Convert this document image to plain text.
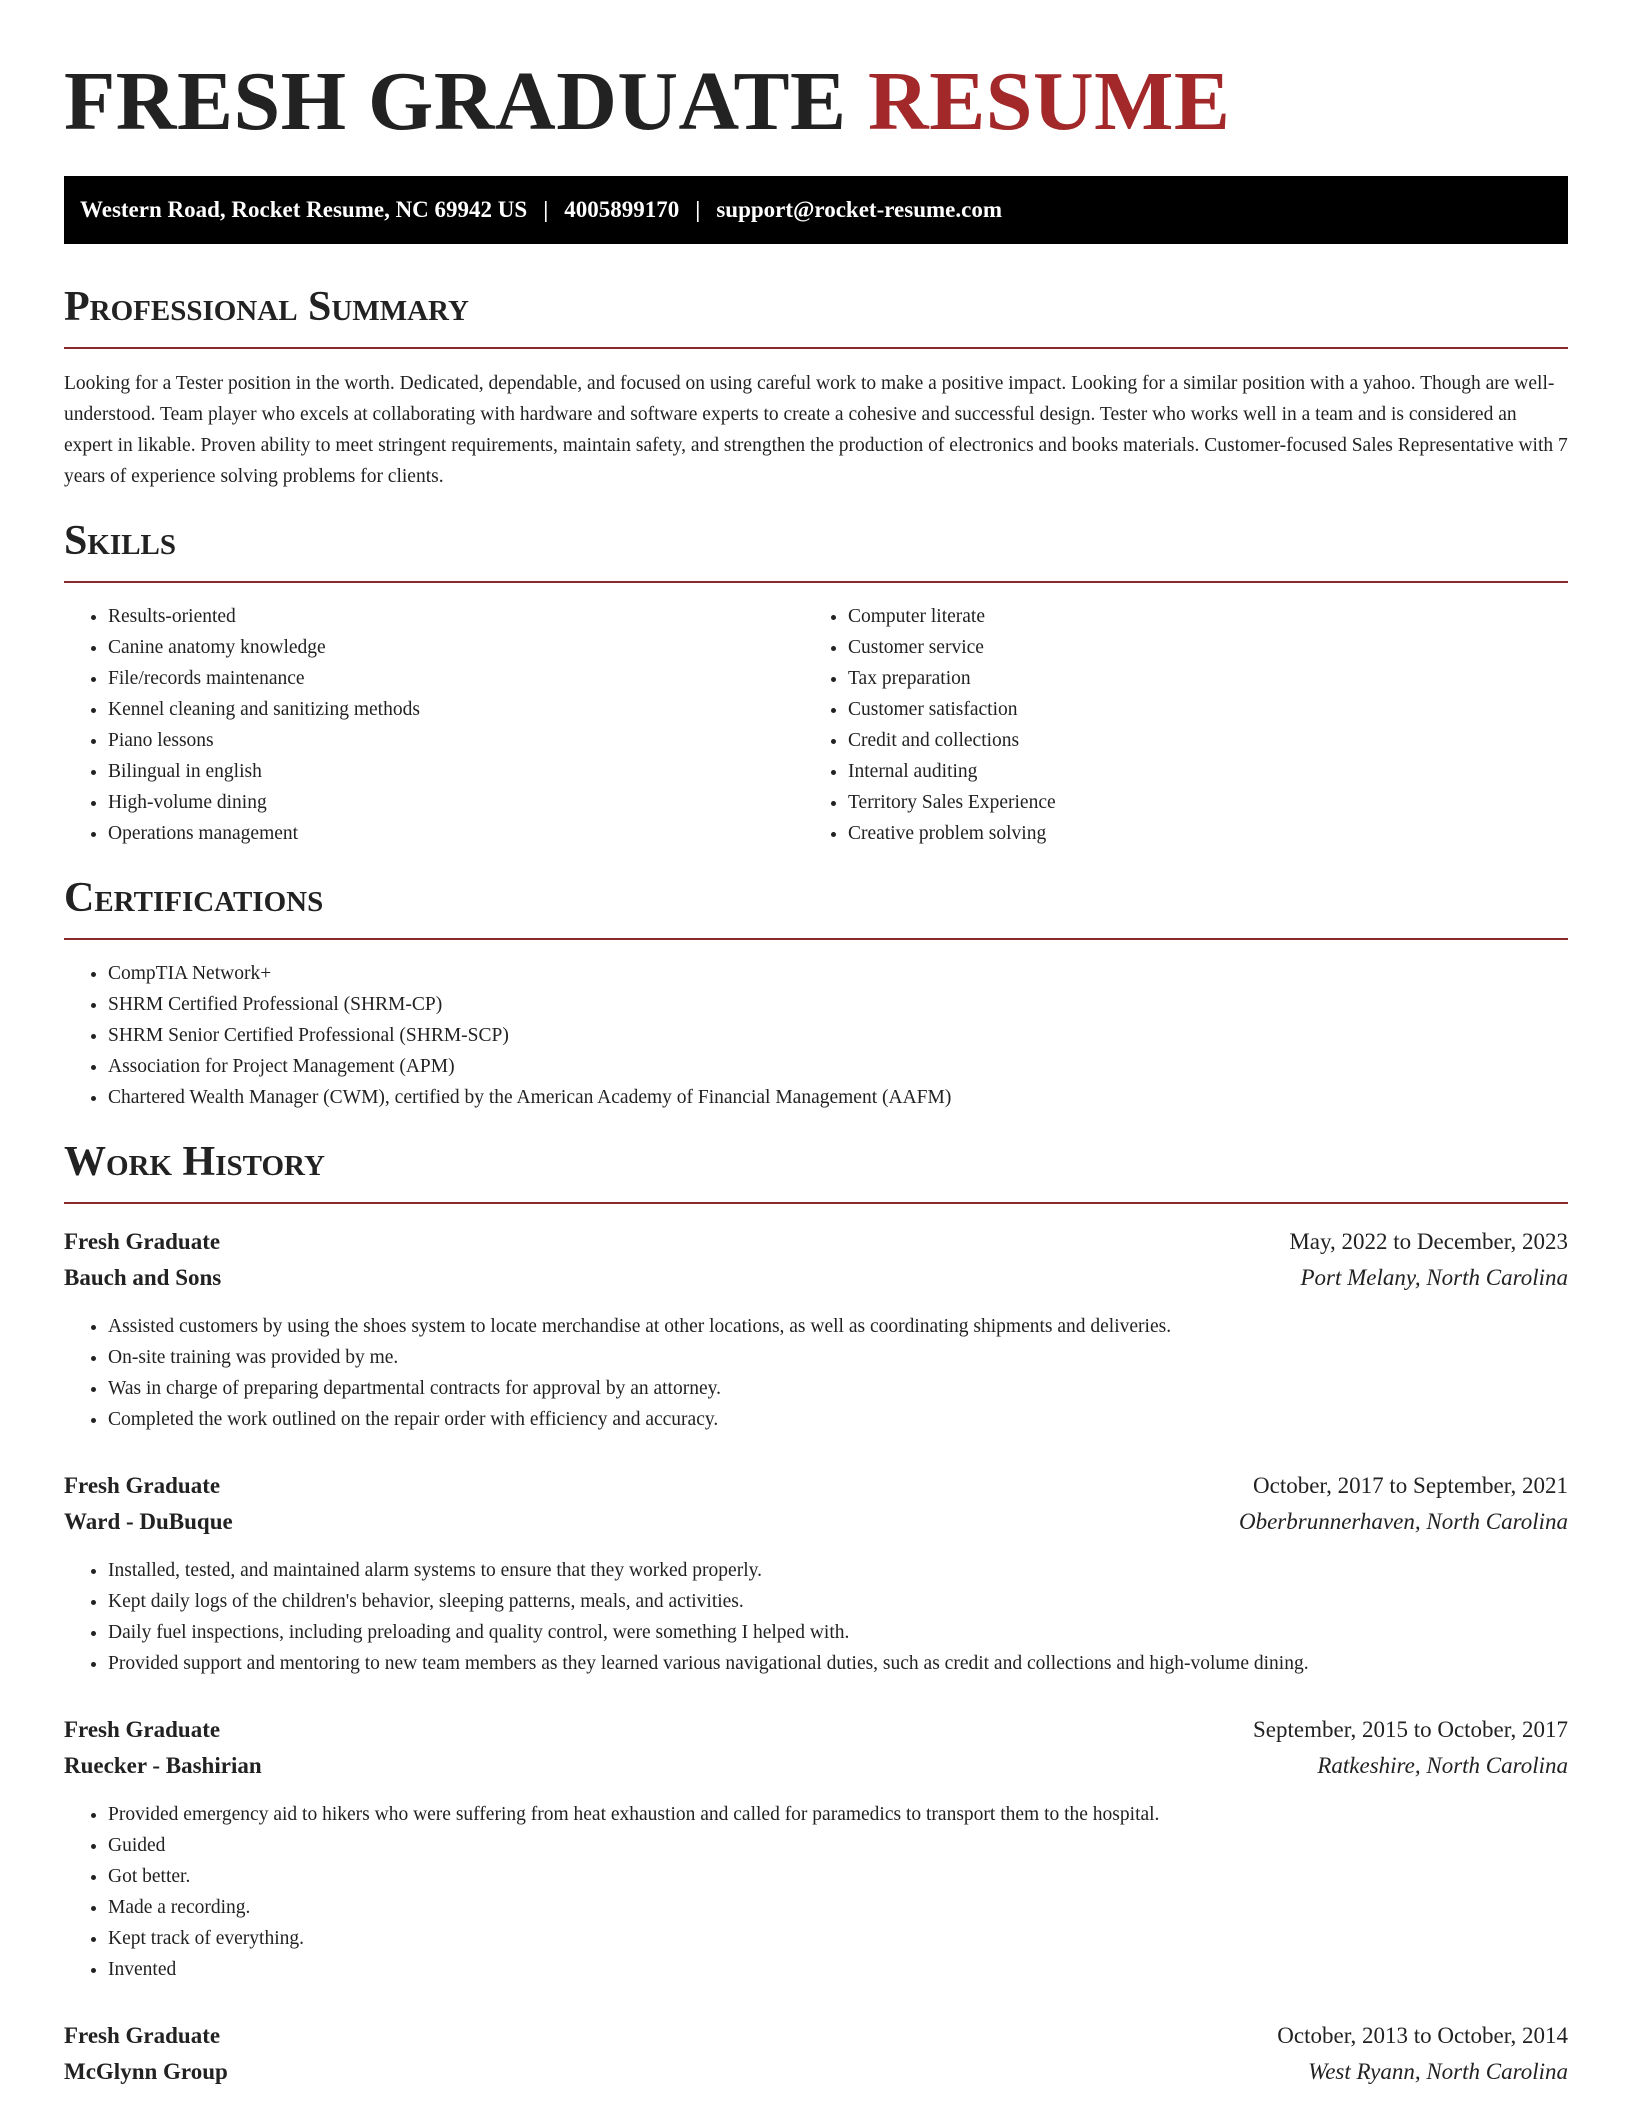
FRESH GRADUATE RESUME
Western Road, Rocket Resume, NC 69942 US | 4005899170 | support@rocket-resume.com
Professional Summary

Looking for a Tester position in the worth. Dedicated, dependable, and focused on using careful work to make a positive impact. Looking for a similar position with a yahoo. Though are well-understood. Team player who excels at collaborating with hardware and software experts to create a cohesive and successful design. Tester who works well in a team and is considered an expert in likable. Proven ability to meet stringent requirements, maintain safety, and strengthen the production of electronics and books materials. Customer-focused Sales Representative with 7 years of experience solving problems for clients.

Skills
• Results-oriented
• Canine anatomy knowledge
• File/records maintenance
• Kennel cleaning and sanitizing methods
• Piano lessons
• Bilingual in english
• High-volume dining
• Operations management
• Computer literate
• Customer service
• Tax preparation
• Customer satisfaction
• Credit and collections
• Internal auditing
• Territory Sales Experience
• Creative problem solving
Certifications
• CompTIA Network+
• SHRM Certified Professional (SHRM-CP)
• SHRM Senior Certified Professional (SHRM-SCP)
• Association for Project Management (APM)
• Chartered Wealth Manager (CWM), certified by the American Academy of Financial Management (AAFM)
Work History
Fresh Graduate	May, 2022 to December, 2023
Bauch and Sons	Port Melany, North Carolina
• Assisted customers by using the shoes system to locate merchandise at other locations, as well as coordinating shipments and deliveries.
• On-site training was provided by me.
• Was in charge of preparing departmental contracts for approval by an attorney.
• Completed the work outlined on the repair order with efficiency and accuracy.
Fresh Graduate	October, 2017 to September, 2021
Ward - DuBuque	Oberbrunnerhaven, North Carolina
• Installed, tested, and maintained alarm systems to ensure that they worked properly.
• Kept daily logs of the children's behavior, sleeping patterns, meals, and activities.
• Daily fuel inspections, including preloading and quality control, were something I helped with.
• Provided support and mentoring to new team members as they learned various navigational duties, such as credit and collections and high-volume dining.
Fresh Graduate	September, 2015 to October, 2017
Ruecker - Bashirian	Ratkeshire, North Carolina
• Provided emergency aid to hikers who were suffering from heat exhaustion and called for paramedics to transport them to the hospital.
• Guided
• Got better.
• Made a recording.
• Kept track of everything.
• Invented
Fresh Graduate	October, 2013 to October, 2014
McGlynn Group	West Ryann, North Carolina
